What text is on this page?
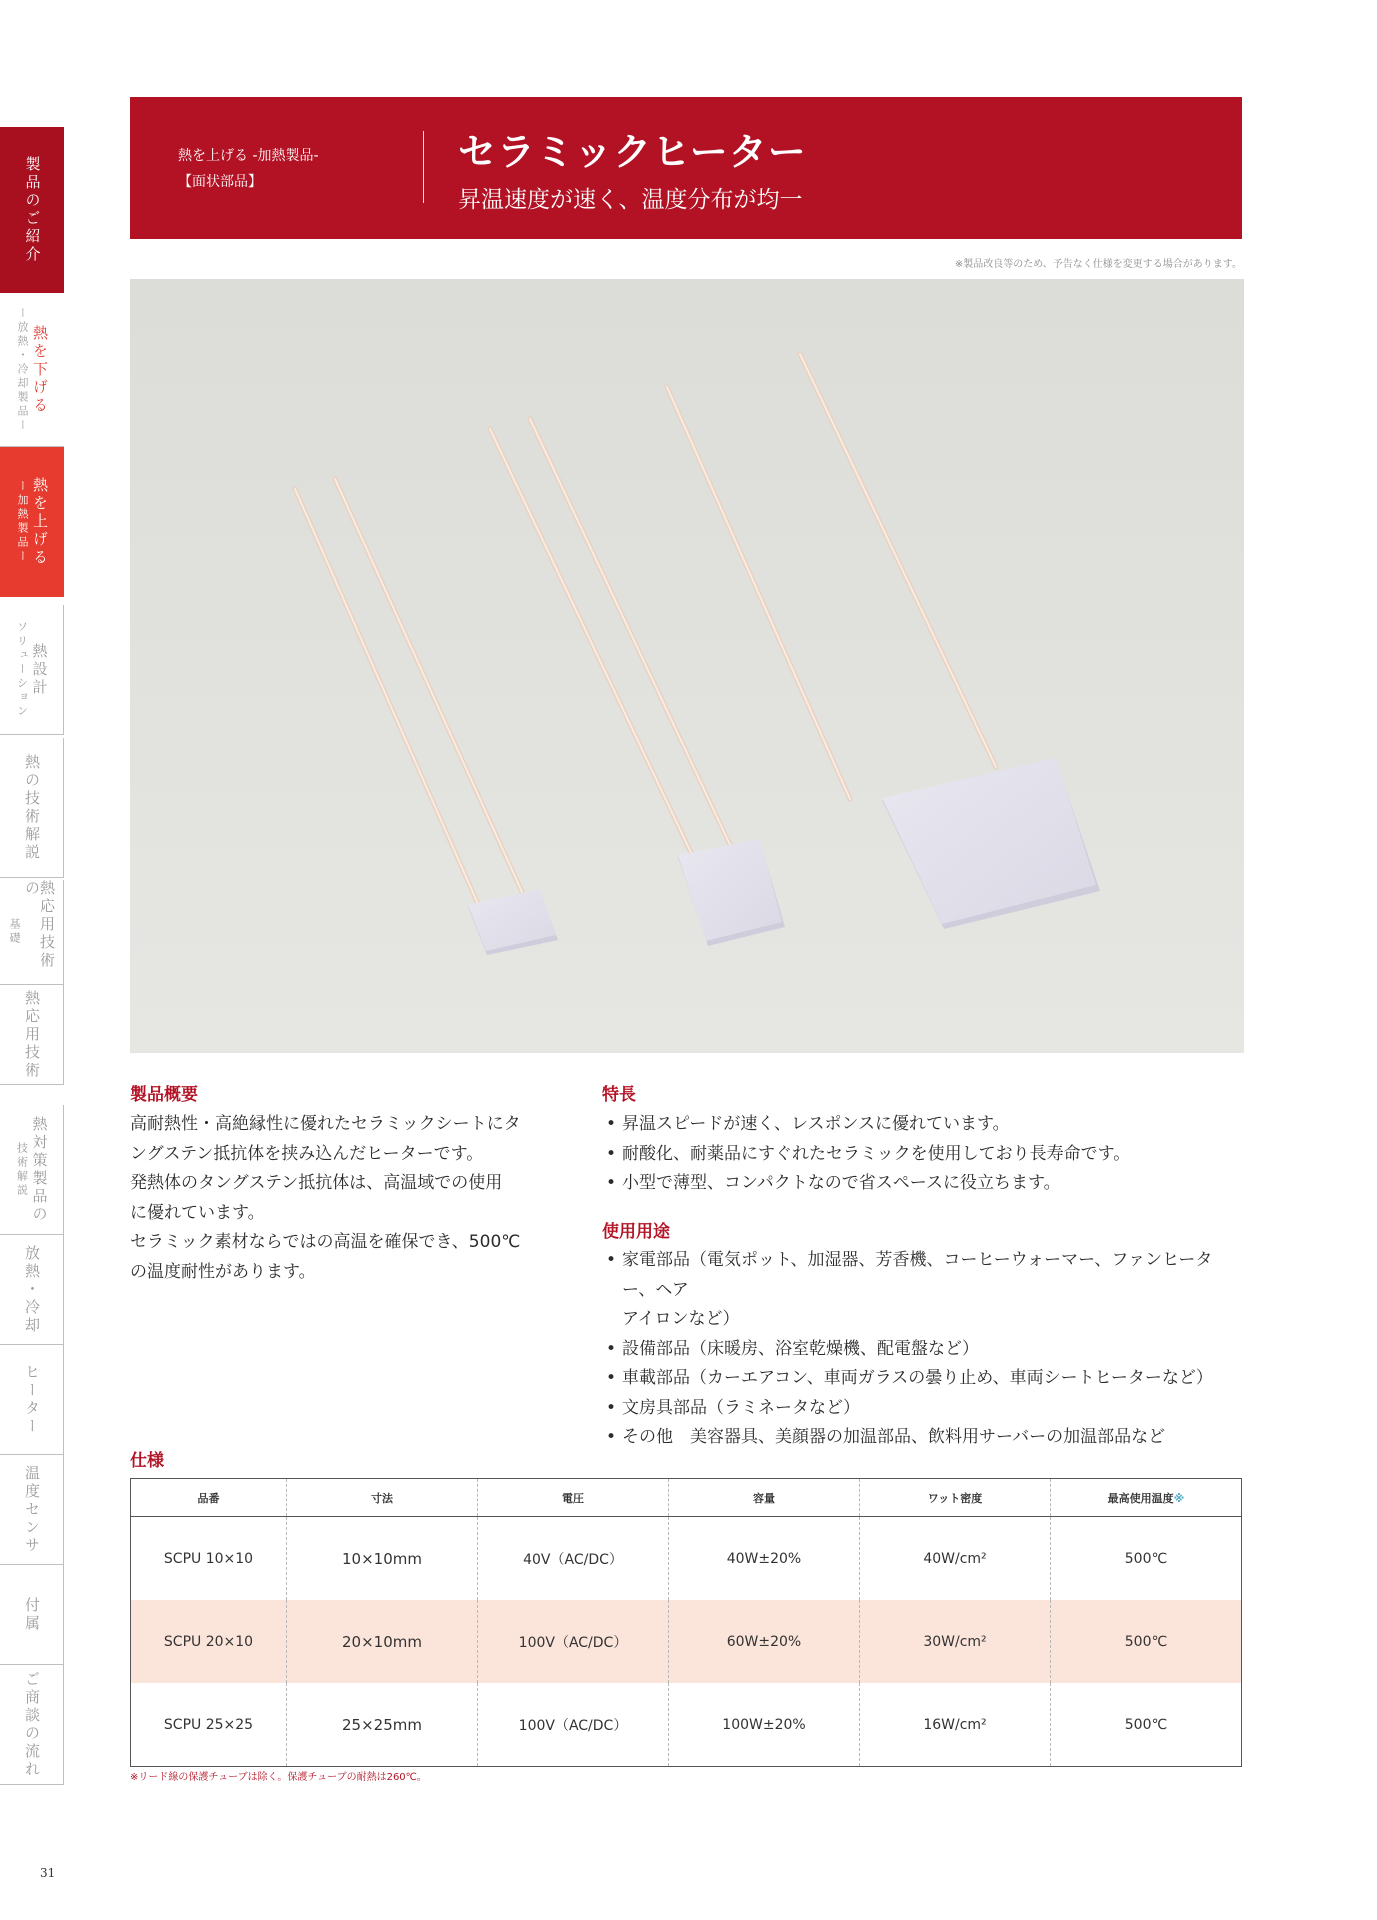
製品のご紹介
熱を下げる
ー放熱・冷却製品ー
熱を上げる
ー加熱製品ー
熱設計
ソリューション
熱の技術解説
熱応用技術の
基礎
熱応用技術
熱対策製品の
技術解説
放熱・冷却
ヒーター
温度センサ
付属
ご商談の流れ
熱を上げる -加熱製品-
【面状部品】
セラミックヒーター
昇温速度が速く、温度分布が均一
※製品改良等のため、予告なく仕様を変更する場合があります。
製品概要

高耐熱性・高絶縁性に優れたセラミックシートにタ

ングステン抵抗体を挟み込んだヒーターです。

発熱体のタングステン抵抗体は、高温域での使用

に優れています。

セラミック素材ならではの高温を確保でき、500℃

の温度耐性があります。

特長
• 昇温スピードが速く、レスポンスに優れています。
• 耐酸化、耐薬品にすぐれたセラミックを使用しており長寿命です。
• 小型で薄型、コンパクトなので省スペースに役立ちます。
使用用途
• 家電部品（電気ポット、加湿器、芳香機、コーヒーウォーマー、ファンヒーター、ヘア
アイロンなど）
• 設備部品（床暖房、浴室乾燥機、配電盤など）
• 車載部品（カーエアコン、車両ガラスの曇り止め、車両シートヒーターなど）
• 文房具部品（ラミネータなど）
• その他　美容器具、美顔器の加温部品、飲料用サーバーの加温部品など
仕様
品番	寸法	電圧	容量	ワット密度	最高使用温度※
SCPU 10×10	10×10mm	40V（AC/DC）	40W±20%	40W/cm²	500℃
SCPU 20×10	20×10mm	100V（AC/DC）	60W±20%	30W/cm²	500℃
SCPU 25×25	25×25mm	100V（AC/DC）	100W±20%	16W/cm²	500℃
※リード線の保護チューブは除く。保護チューブの耐熱は260℃。
31
